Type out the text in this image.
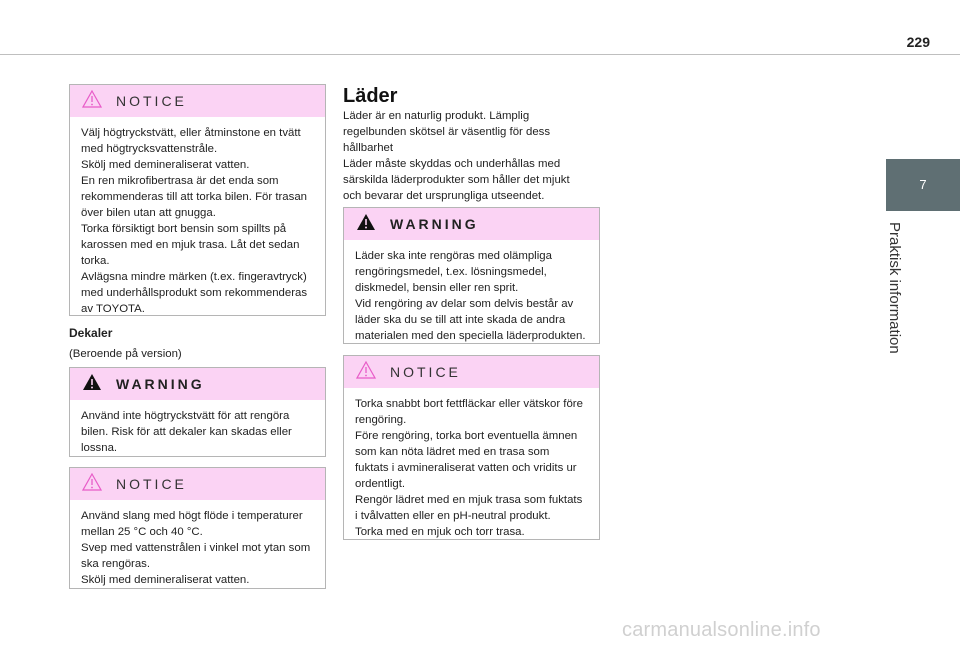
229
7
Praktisk information
NOTICE

Välj högtryckstvätt, eller åtminstone en tvätt

med högtrycksvattenstråle.

Skölj med demineraliserat vatten.

En ren mikrofibertrasa är det enda som

rekommenderas till att torka bilen. För trasan

över bilen utan att gnugga.

Torka försiktigt bort bensin som spillts på

karossen med en mjuk trasa. Låt det sedan

torka.

Avlägsna mindre märken (t.ex. fingeravtryck)

med underhållsprodukt som rekommenderas

av TOYOTA.

Dekaler
(Beroende på version)
WARNING

Använd inte högtryckstvätt för att rengöra

bilen. Risk för att dekaler kan skadas eller

lossna.

NOTICE

Använd slang med högt flöde i temperaturer

mellan 25 °C och 40 °C.

Svep med vattenstrålen i vinkel mot ytan som

ska rengöras.

Skölj med demineraliserat vatten.

Läder
Läder är en naturlig produkt. Lämplig
regelbunden skötsel är väsentlig för dess
hållbarhet
Läder måste skyddas och underhållas med
särskilda läderprodukter som håller det mjukt
och bevarar det ursprungliga utseendet.
WARNING

Läder ska inte rengöras med olämpliga

rengöringsmedel, t.ex. lösningsmedel,

diskmedel, bensin eller ren sprit.

Vid rengöring av delar som delvis består av

läder ska du se till att inte skada de andra

materialen med den speciella läderprodukten.

NOTICE

Torka snabbt bort fettfläckar eller vätskor före

rengöring.

Före rengöring, torka bort eventuella ämnen

som kan nöta lädret med en trasa som

fuktats i avmineraliserat vatten och vridits ur

ordentligt.

Rengör lädret med en mjuk trasa som fuktats

i tvålvatten eller en pH-neutral produkt.

Torka med en mjuk och torr trasa.

carmanualsonline.info
